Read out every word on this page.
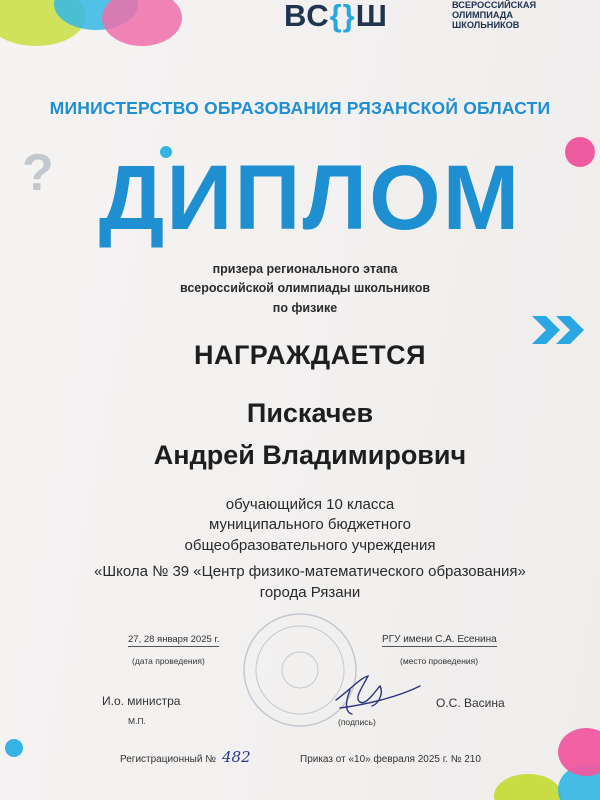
?
ВС{}Ш	ВСЕРОССИЙСКАЯ
ОЛИМПИАДА
ШКОЛЬНИКОВ
МИНИСТЕРСТВО ОБРАЗОВАНИЯ РЯЗАНСКОЙ ОБЛАСТИ
ДИПЛОМ
призера регионального этапа
всероссийской олимпиады школьников
по физике
НАГРАЖДАЕТСЯ
Пискачев
Андрей Владимирович
обучающийся 10 класса
муниципального бюджетного
общеобразовательного учреждения
«Школа № 39 «Центр физико-математического образования»
города Рязани
27, 28 января 2025 г.
(дата проведения)
РГУ имени С.А. Есенина
(место проведения)
И.о. министра
М.П.	(подпись)
О.С. Васина
Регистрационный № 482	Приказ от «10» февраля 2025 г. № 210
